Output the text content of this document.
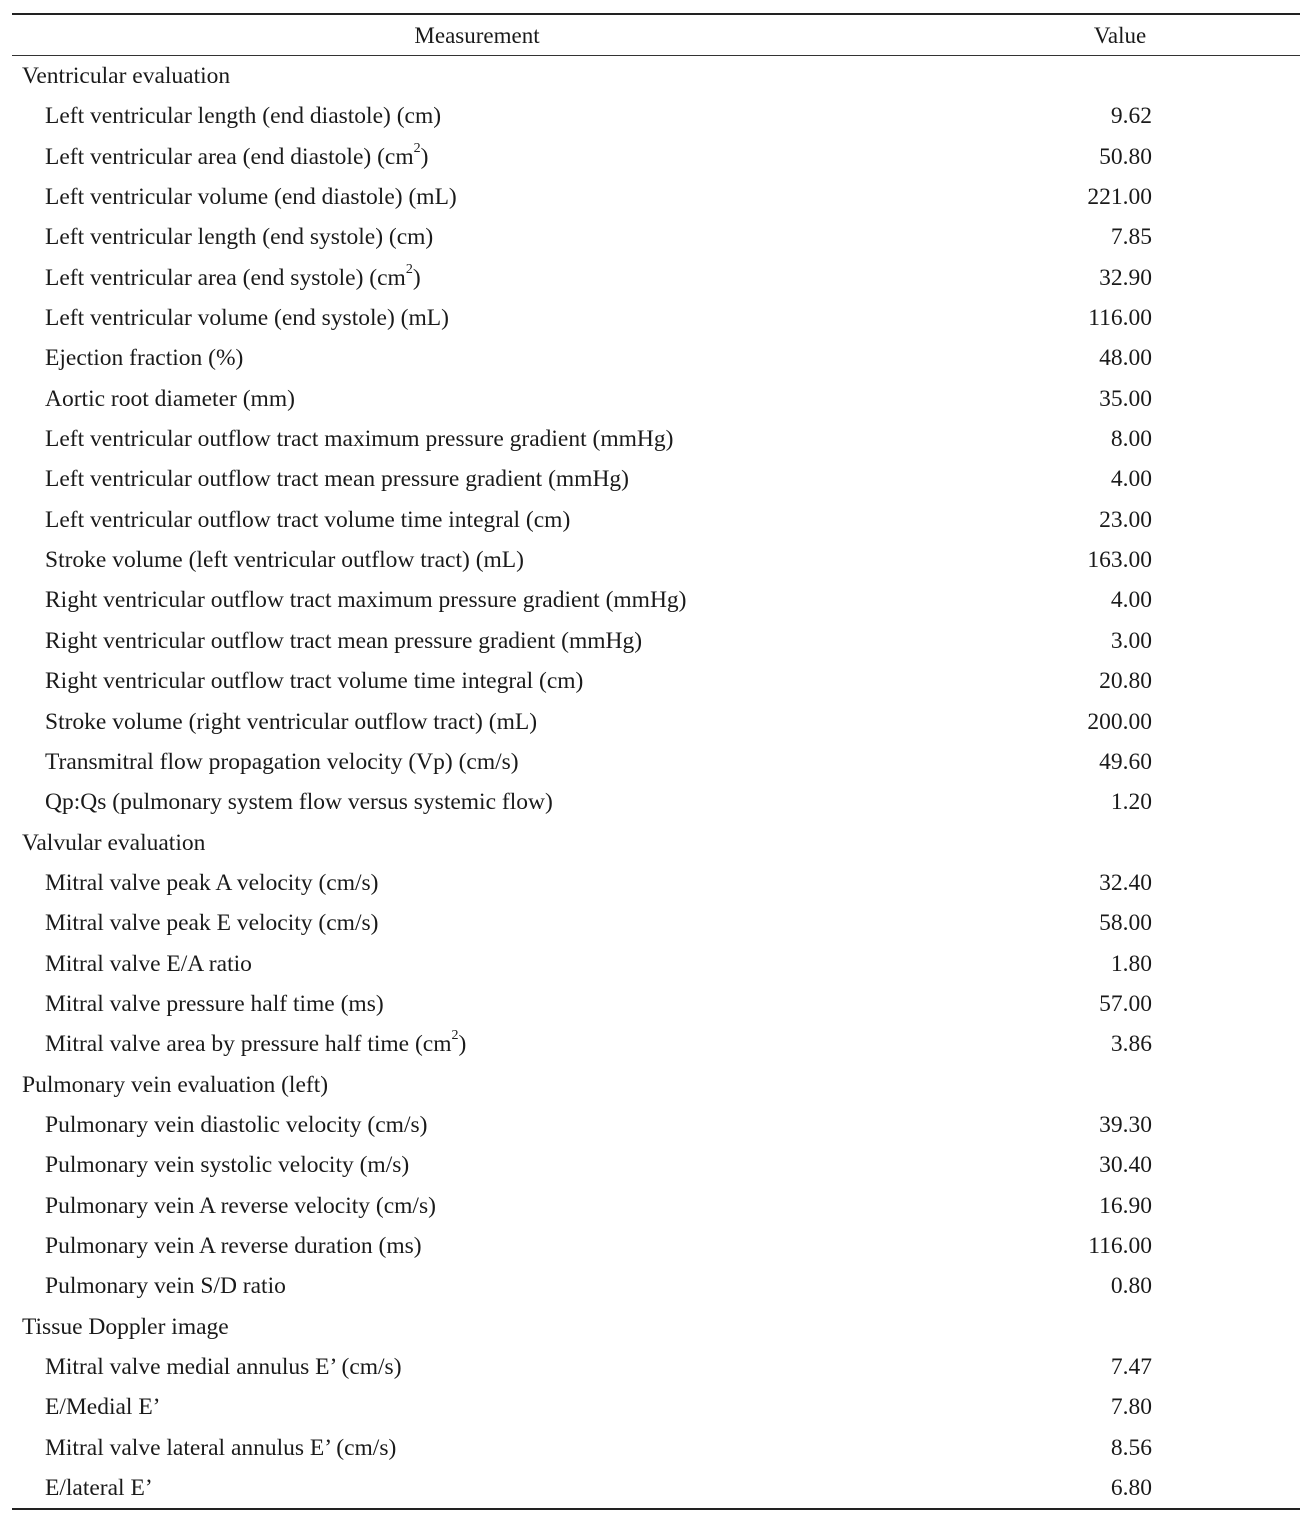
Measurement	Value
Ventricular evaluation
Left ventricular length (end diastole) (cm)	9.62
Left ventricular area (end diastole) $(cm^2)$	50.80
Left ventricular volume (end diastole) (mL)	221.00
Left ventricular length (end systole) (cm)	7.85
Left ventricular area (end systole) $(cm^2)$	32.90
Left ventricular volume (end systole) (mL)	116.00
Ejection fraction (%)	48.00
Aortic root diameter (mm)	35.00
Left ventricular outflow tract maximum pressure gradient (mmHg)	8.00
Left ventricular outflow tract mean pressure gradient (mmHg)	4.00
Left ventricular outflow tract volume time integral (cm)	23.00
Stroke volume (left ventricular outflow tract) (mL)	163.00
Right ventricular outflow tract maximum pressure gradient (mmHg)	4.00
Right ventricular outflow tract mean pressure gradient (mmHg)	3.00
Right ventricular outflow tract volume time integral (cm)	20.80
Stroke volume (right ventricular outflow tract) (mL)	200.00
Transmitral flow propagation velocity (Vp) (cm/s)	49.60
Qp:Qs (pulmonary system flow versus systemic flow)	1.20
Valvular evaluation
Mitral valve peak A velocity (cm/s)	32.40
Mitral valve peak E velocity (cm/s)	58.00
Mitral valve E/A ratio	1.80
Mitral valve pressure half time (ms)	57.00
Mitral valve area by pressure half time $(cm^2)$	3.86
Pulmonary vein evaluation (left)
Pulmonary vein diastolic velocity (cm/s)	39.30
Pulmonary vein systolic velocity (m/s)	30.40
Pulmonary vein A reverse velocity (cm/s)	16.90
Pulmonary vein A reverse duration (ms)	116.00
Pulmonary vein S/D ratio	0.80
Tissue Doppler image
Mitral valve medial annulus E’ (cm/s)	7.47
E/Medial E’	7.80
Mitral valve lateral annulus E’ (cm/s)	8.56
E/lateral E’	6.80
